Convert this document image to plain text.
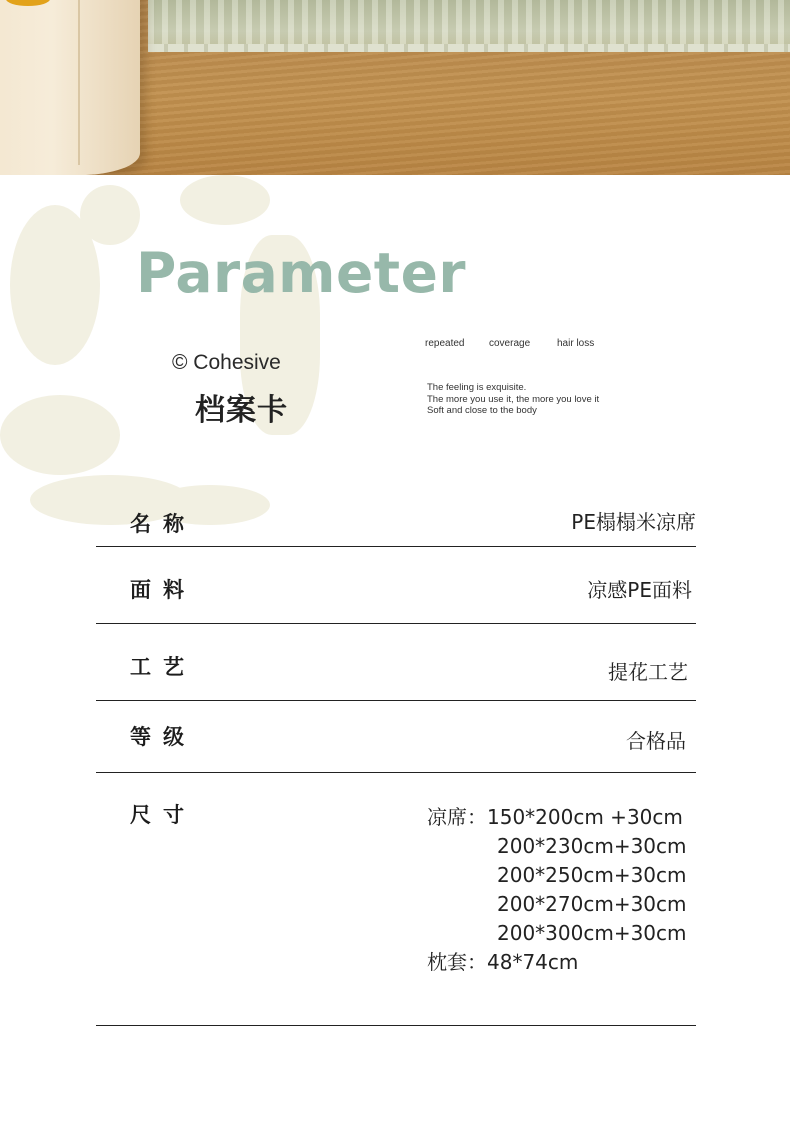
Parameter

© Cohesive

档案卡

repeated coverage	hair loss
The feeling is exquisite.
The more you use it, the more you love it
Soft and close to the body
名称	PE榻榻米凉席
面料	凉感PE面料
工艺	提花工艺
等级	合格品
尺寸	凉席：150*200cm +30cm
200*230cm+30cm
200*250cm+30cm
200*270cm+30cm
200*300cm+30cm
枕套：48*74cm
